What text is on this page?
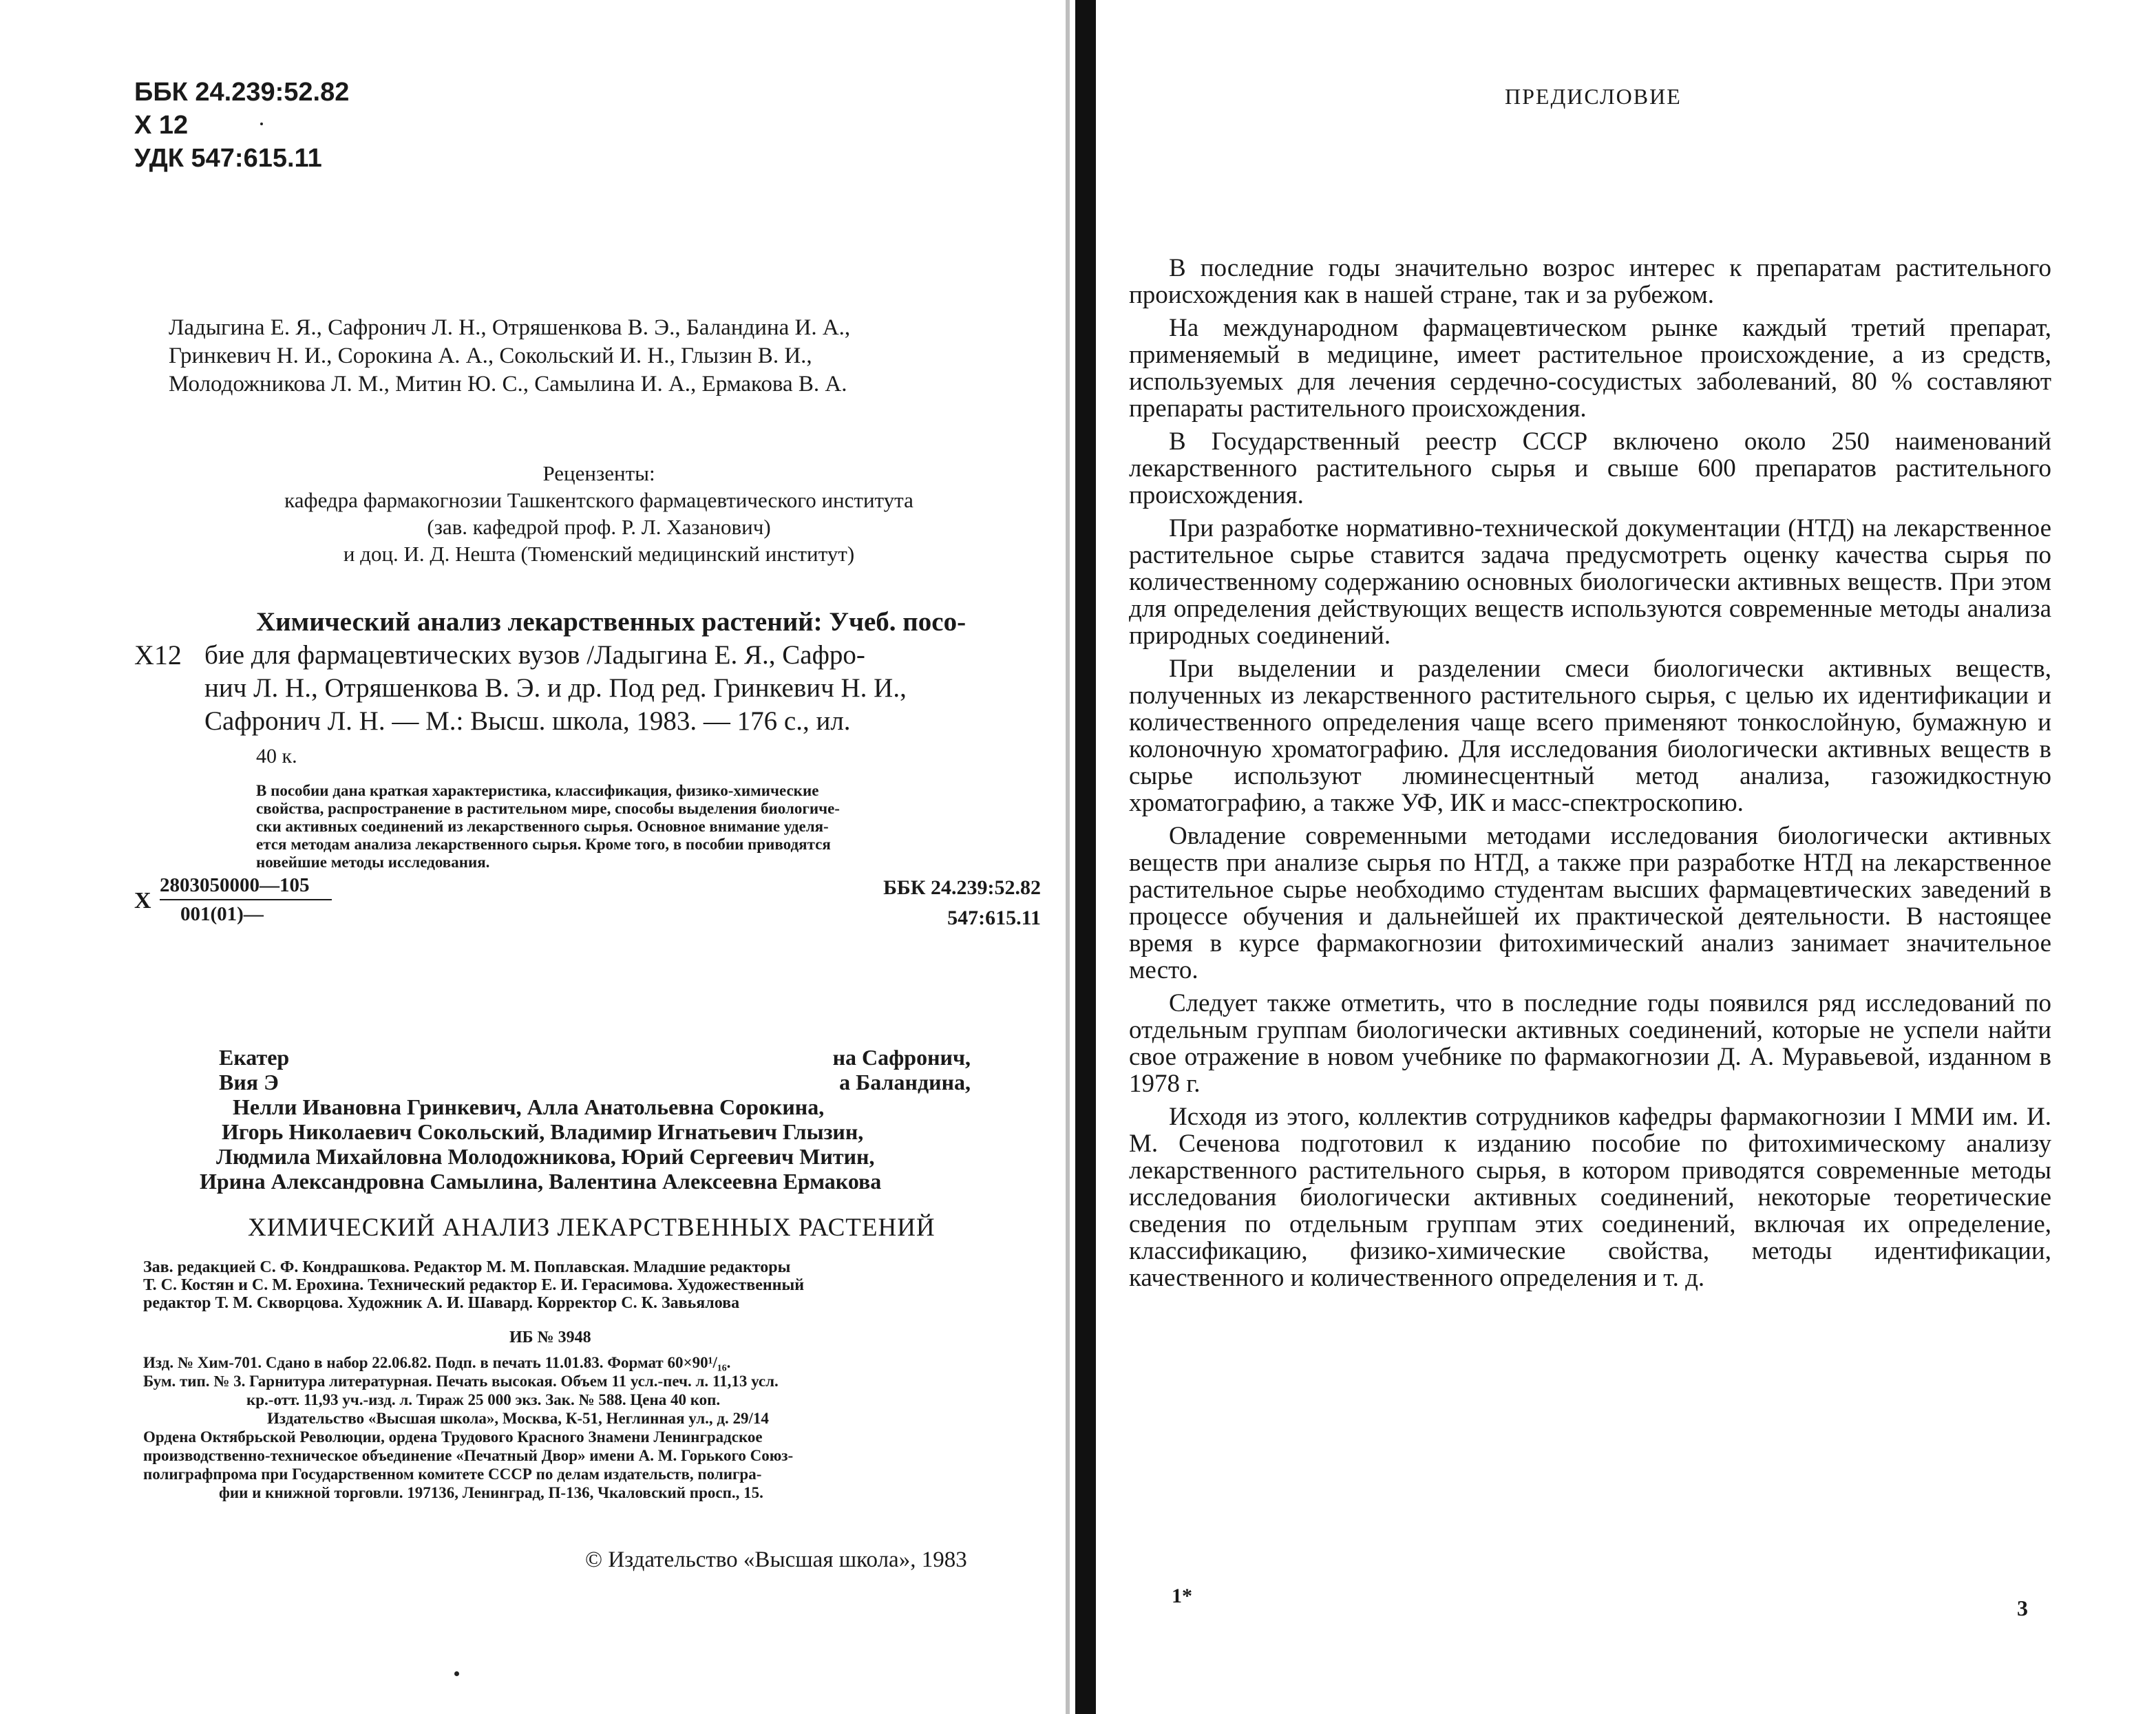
ББК 24.239:52.82
Х 12
УДК 547:615.11
Ладыгина Е. Я., Сафронич Л. Н., Отряшенкова В. Э., Баландина И. А.,
Гринкевич Н. И., Сорокина А. А., Сокольский И. Н., Глызин В. И.,
Молодожникова Л. М., Митин Ю. С., Самылина И. А., Ермакова В. А.
Рецензенты:
кафедра фармакогнозии Ташкентского фармацевтического института
(зав. кафедрой проф. Р. Л. Хазанович)
и доц. И. Д. Нешта (Тюменский медицинский институт)
Х12
Химический анализ лекарственных растений: Учеб. посо-
бие для фармацевтических вузов /Ладыгина Е. Я., Сафро-
нич Л. Н., Отряшенкова В. Э. и др. Под ред. Гринкевич Н. И.,
Сафронич Л. Н. — М.: Высш. школа, 1983. — 176 с., ил.
40 к.
В пособии дана краткая характеристика, классификация, физико-химические
свойства, распространение в растительном мире, способы выделения биологиче-
ски активных соединений из лекарственного сырья. Основное внимание уделя-
ется методам анализа лекарственного сырья. Кроме того, в пособии приводятся
новейшие методы исследования.
Х
2803050000—105
001(01)—
ББК 24.239:52.82
547:615.11
Екатер	на Сафронич,
Вия Э	а Баландина,
Нелли Ивановна Гринкевич, Алла Анатольевна Сорокина,
Игорь Николаевич Сокольский, Владимир Игнатьевич Глызин,
Людмила Михайловна Молодожникова, Юрий Сергеевич Митин,
Ирина Александровна Самылина, Валентина Алексеевна Ермакова
ХИМИЧЕСКИЙ АНАЛИЗ ЛЕКАРСТВЕННЫХ РАСТЕНИЙ
Зав. редакцией С. Ф. Кондрашкова. Редактор М. М. Поплавская. Младшие редакторы
Т. С. Костян и С. М. Ерохина. Технический редактор Е. И. Герасимова. Художественный
редактор Т. М. Скворцова. Художник А. И. Шавард. Корректор С. К. Завьялова
ИБ № 3948
Изд. № Хим-701. Сдано в набор 22.06.82. Подп. в печать 11.01.83. Формат 60×90¹/₁₆.
Бум. тип. № 3. Гарнитура литературная. Печать высокая. Объем 11 усл.-печ. л. 11,13 усл.
кр.-отт. 11,93 уч.-изд. л. Тираж 25 000 экз. Зак. № 588. Цена 40 коп.
Издательство «Высшая школа», Москва, К-51, Неглинная ул., д. 29/14
Ордена Октябрьской Революции, ордена Трудового Красного Знамени Ленинградское
производственно-техническое объединение «Печатный Двор» имени А. М. Горького Союз-
полиграфпрома при Государственном комитете СССР по делам издательств, полигра-
фии и книжной торговли. 197136, Ленинград, П-136, Чкаловский просп., 15.
© Издательство «Высшая школа», 1983
ПРЕДИСЛОВИЕ

В последние годы значительно возрос интерес к препаратам растительного происхождения как в нашей стране, так и за рубежом.

На международном фармацевтическом рынке каждый третий препарат, применяемый в медицине, имеет растительное происхождение, а из средств, используемых для лечения сердечно-сосудистых заболеваний, 80 % составляют препараты растительного происхождения.

В Государственный реестр СССР включено около 250 наименований лекарственного растительного сырья и свыше 600 препаратов растительного происхождения.

При разработке нормативно-технической документации (НТД) на лекарственное растительное сырье ставится задача предусмотреть оценку качества сырья по количественному содержанию основных биологически активных веществ. При этом для определения действующих веществ используются современные методы анализа природных соединений.

При выделении и разделении смеси биологически активных веществ, полученных из лекарственного растительного сырья, с целью их идентификации и количественного определения чаще всего применяют тонкослойную, бумажную и колоночную хроматографию. Для исследования биологически активных веществ в сырье используют люминесцентный метод анализа, газожидкостную хроматографию, а также УФ, ИК и масс-спектроскопию.

Овладение современными методами исследования биологически активных веществ при анализе сырья по НТД, а также при разработке НТД на лекарственное растительное сырье необходимо студентам высших фармацевтических заведений в процессе обучения и дальнейшей их практической деятельности. В настоящее время в курсе фармакогнозии фитохимический анализ занимает значительное место.

Следует также отметить, что в последние годы появился ряд исследований по отдельным группам биологически активных соединений, которые не успели найти свое отражение в новом учебнике по фармакогнозии Д. А. Муравьевой, изданном в 1978 г.

Исходя из этого, коллектив сотрудников кафедры фармакогнозии I ММИ им. И. М. Сеченова подготовил к изданию пособие по фитохимическому анализу лекарственного растительного сырья, в котором приводятся современные методы исследования биологически активных соединений, некоторые теоретические сведения по отдельным группам этих соединений, включая их определение, классификацию, физико-химические свойства, методы идентификации, качественного и количественного определения и т. д.

1*	3
